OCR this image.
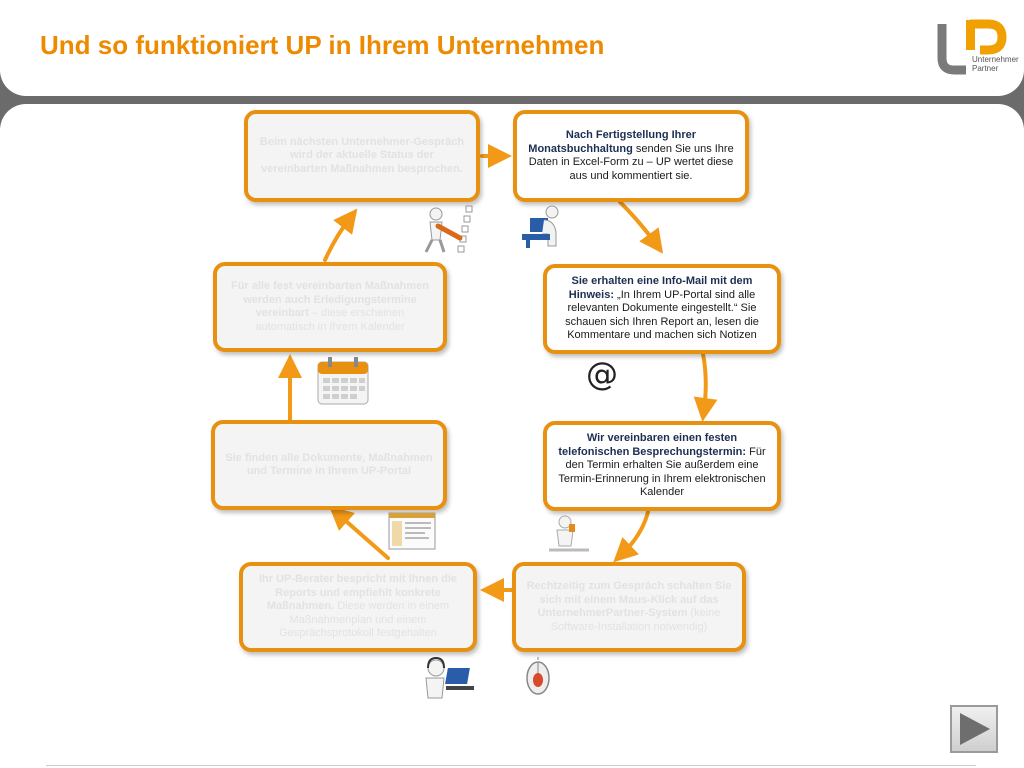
Und so funktioniert UP in Ihrem Unternehmen	Unternehmer
Partner
Nach Fertigstellung Ihrer Monatsbuchhaltung senden Sie uns Ihre Daten in Excel-Form zu – UP wertet diese aus und kommentiert sie.
Sie erhalten eine Info-Mail mit dem Hinweis: „In Ihrem UP-Portal sind alle relevanten Dokumente eingestellt.“ Sie schauen sich Ihren Report an, lesen die Kommentare und machen sich Notizen
Wir vereinbaren einen festen telefonischen Besprechungstermin: Für den Termin erhalten Sie außerdem eine Termin-Erinnerung in Ihrem elektronischen Kalender
Rechtzeitig zum Gespräch schalten Sie sich mit einem Maus-Klick auf das UnternehmerPartner-System (keine Software-Installation notwendig)
Ihr UP-Berater bespricht mit Ihnen die Reports und empfiehlt konkrete Maßnahmen. Diese werden in einem Maßnahmenplan und einem Gesprächsprotokoll festgehalten
Sie finden alle Dokumente, Maßnahmen und Termine in Ihrem UP-Portal
Für alle fest vereinbarten Maßnahmen werden auch Erledigungstermine vereinbart – diese erscheinen automatisch in Ihrem Kalender
Beim nächsten Unternehmer-Gespräch wird der aktuelle Status der vereinbarten Maßnahmen besprochen.
@
